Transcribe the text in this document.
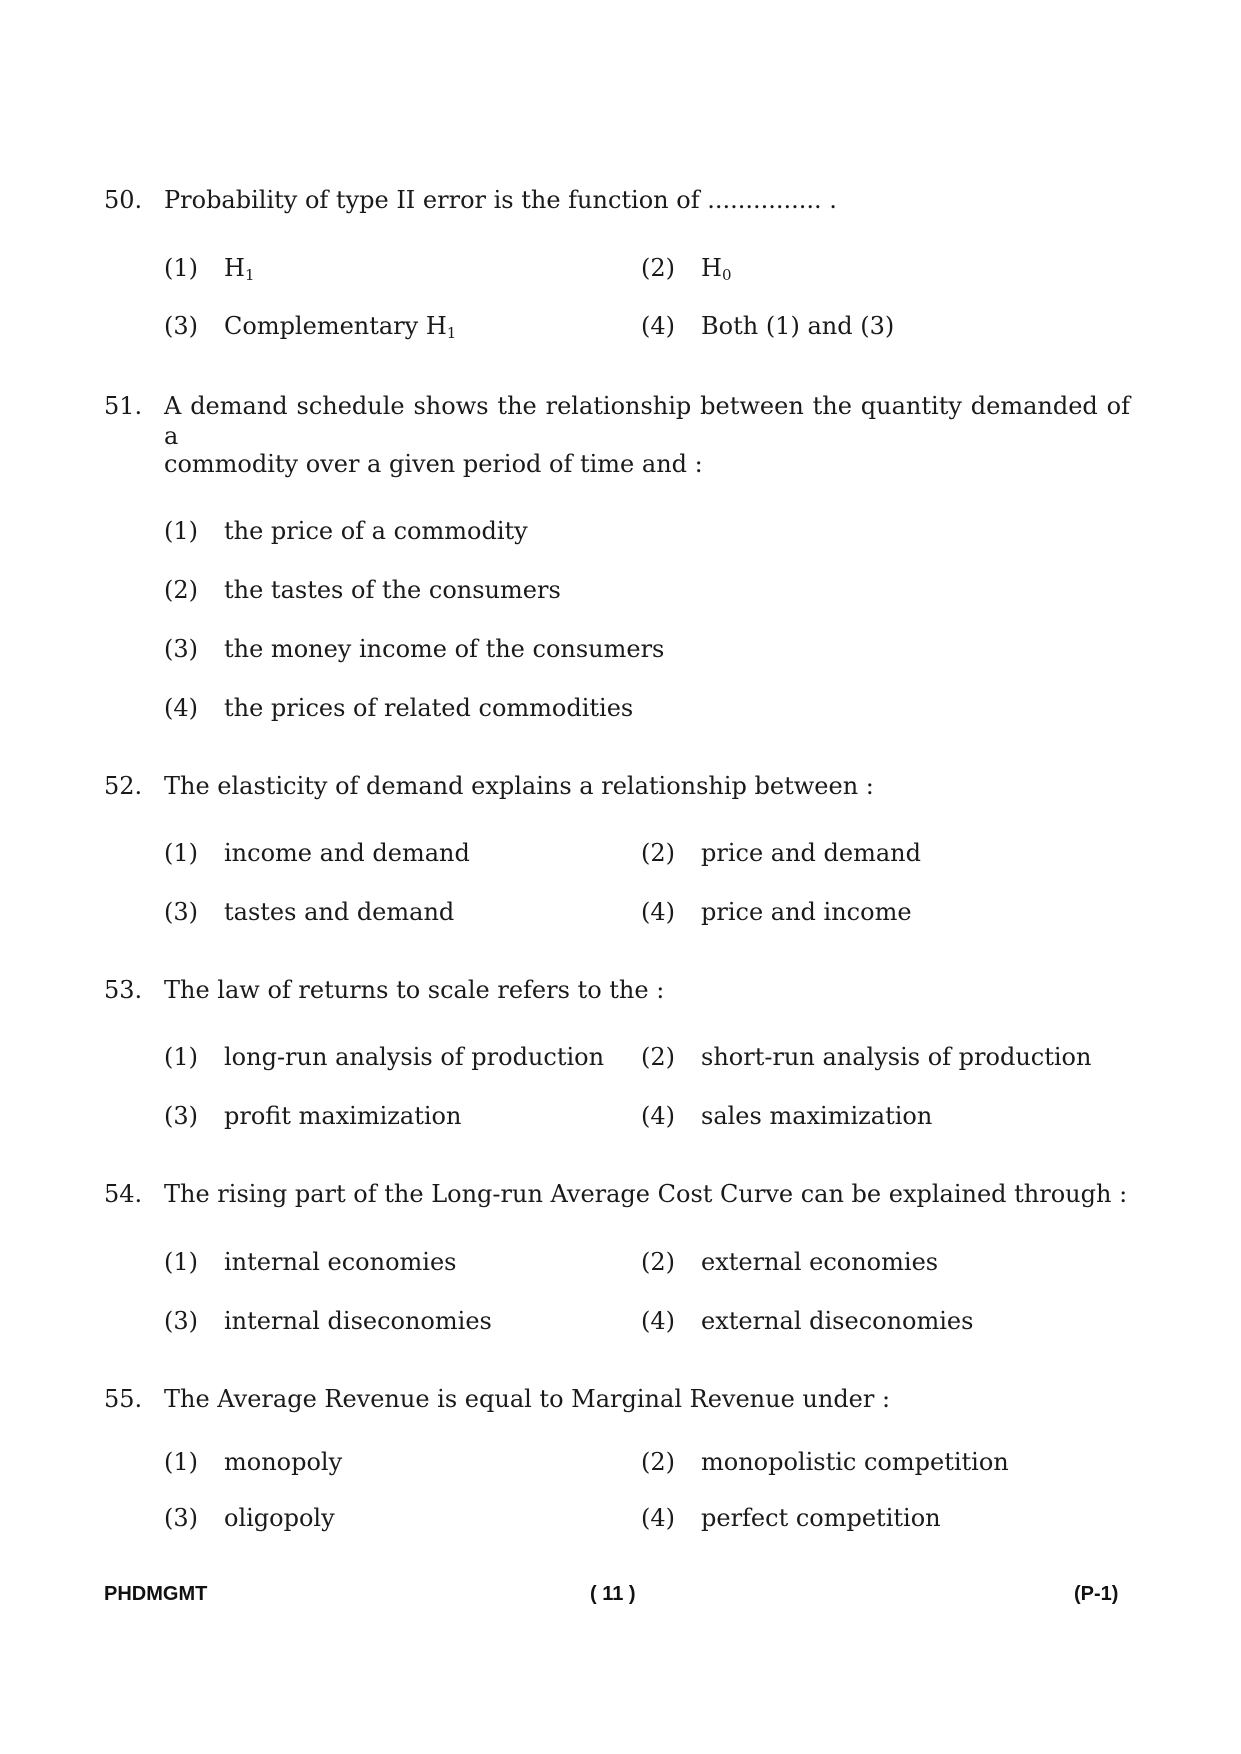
50. Probability of type II error is the function of ............... .
(1) $H_1$	(2) $H_0$
(3) Complementary $H_1$	(4) Both (1) and (3)
51. A demand schedule shows the relationship between the quantity demanded of a
commodity over a given period of time and :
(1) the price of a commodity
(2) the tastes of the consumers
(3) the money income of the consumers
(4) the prices of related commodities
52. The elasticity of demand explains a relationship between :
(1) income and demand	(2) price and demand
(3) tastes and demand	(4) price and income
53. The law of returns to scale refers to the :
(1) long-run analysis of production (2) short-run analysis of production
(3) profit maximization	(4) sales maximization
54. The rising part of the Long-run Average Cost Curve can be explained through :
(1) internal economies	(2) external economies
(3) internal diseconomies	(4) external diseconomies
55. The Average Revenue is equal to Marginal Revenue under :
(1) monopoly	(2) monopolistic competition
(3) oligopoly	(4) perfect competition
PHDMGMT	( 11 )	(P-1)
